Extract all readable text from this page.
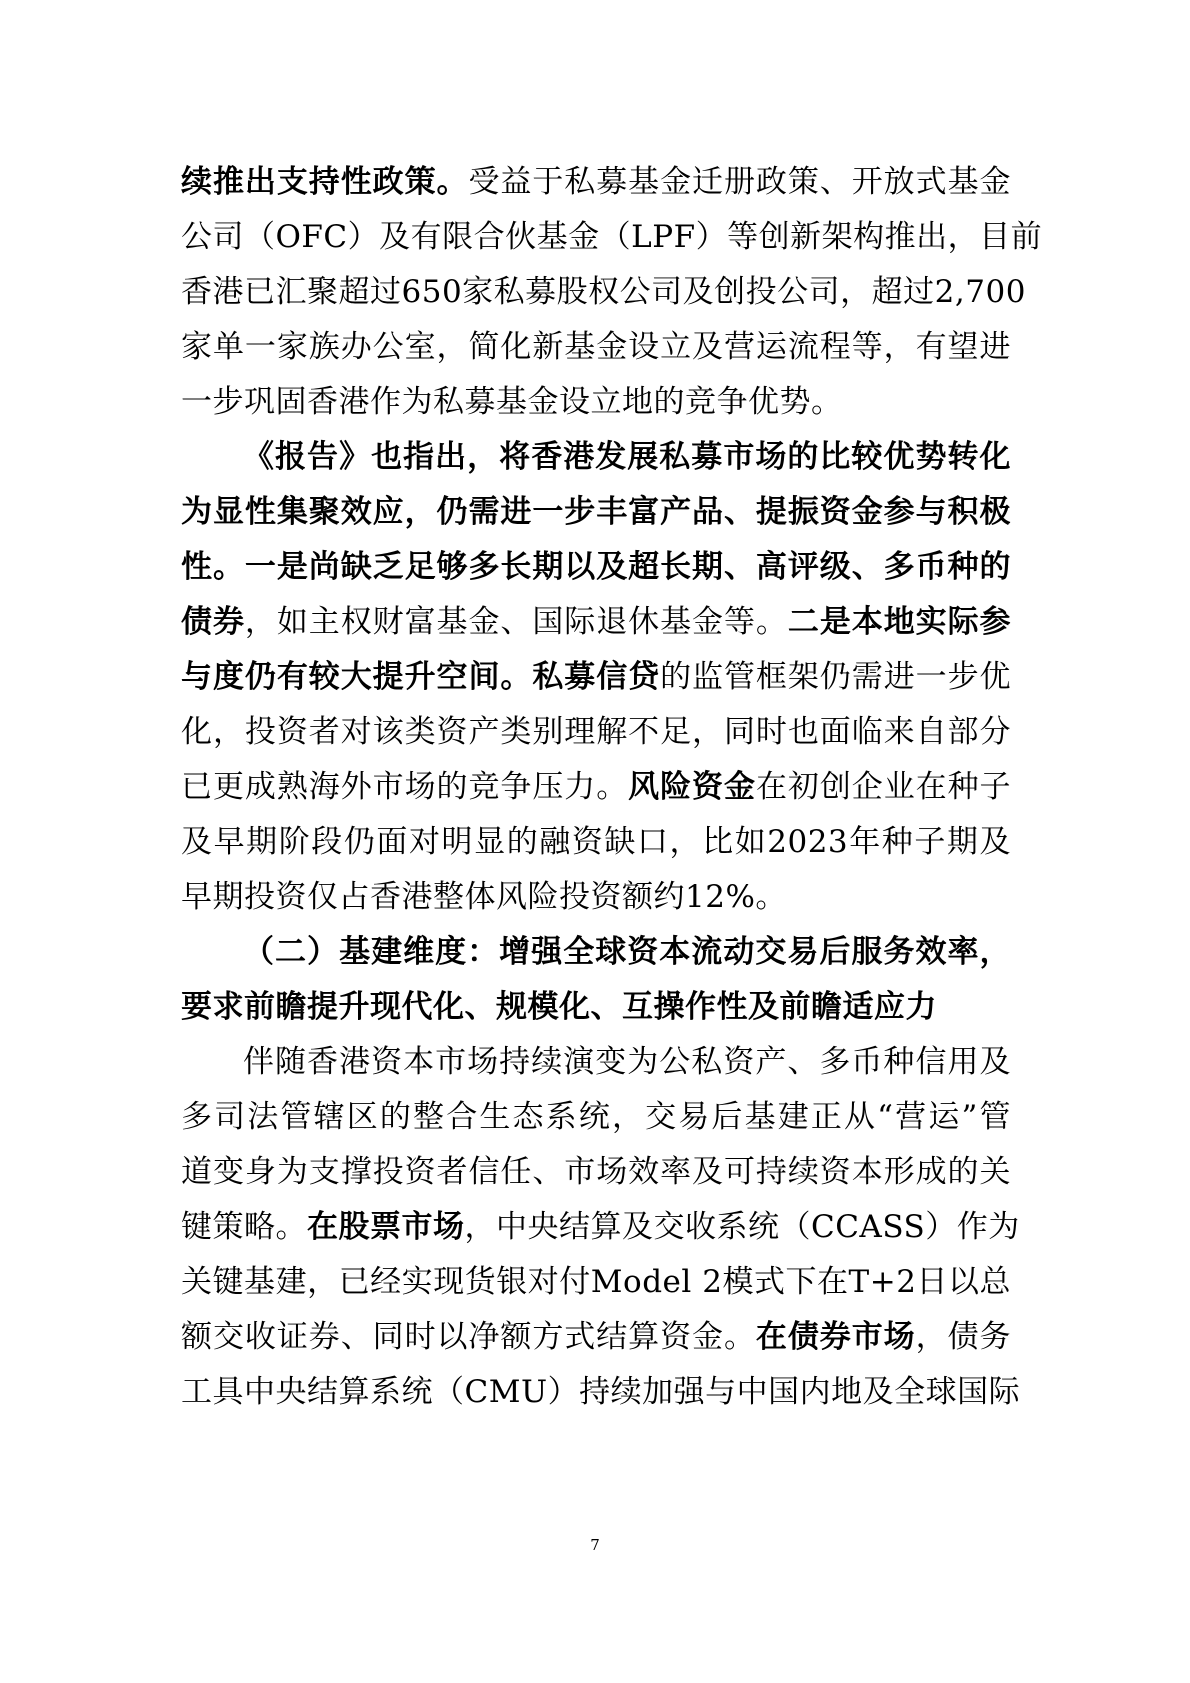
续推出支持性政策。受益于私募基金迁册政策、开放式基金
公司（OFC）及有限合伙基金（LPF）等创新架构推出，目前
香港已汇聚超过650家私募股权公司及创投公司，超过2,700
家单一家族办公室，简化新基金设立及营运流程等，有望进
一步巩固香港作为私募基金设立地的竞争优势。
《报告》也指出，将香港发展私募市场的比较优势转化
为显性集聚效应，仍需进一步丰富产品、提振资金参与积极
性。一是尚缺乏足够多长期以及超长期、高评级、多币种的
债券，如主权财富基金、国际退休基金等。二是本地实际参
与度仍有较大提升空间。私募信贷的监管框架仍需进一步优
化，投资者对该类资产类别理解不足，同时也面临来自部分
已更成熟海外市场的竞争压力。风险资金在初创企业在种子
及早期阶段仍面对明显的融资缺口，比如2023年种子期及
早期投资仅占香港整体风险投资额约12%。
（二）基建维度：增强全球资本流动交易后服务效率，
要求前瞻提升现代化、规模化、互操作性及前瞻适应力
伴随香港资本市场持续演变为公私资产、多币种信用及
多司法管辖区的整合生态系统，交易后基建正从“营运”管
道变身为支撑投资者信任、市场效率及可持续资本形成的关
键策略。在股票市场，中央结算及交收系统（CCASS）作为
关键基建，已经实现货银对付Model 2模式下在T+2日以总
额交收证券、同时以净额方式结算资金。在债券市场，债务
工具中央结算系统（CMU）持续加强与中国内地及全球国际
7
